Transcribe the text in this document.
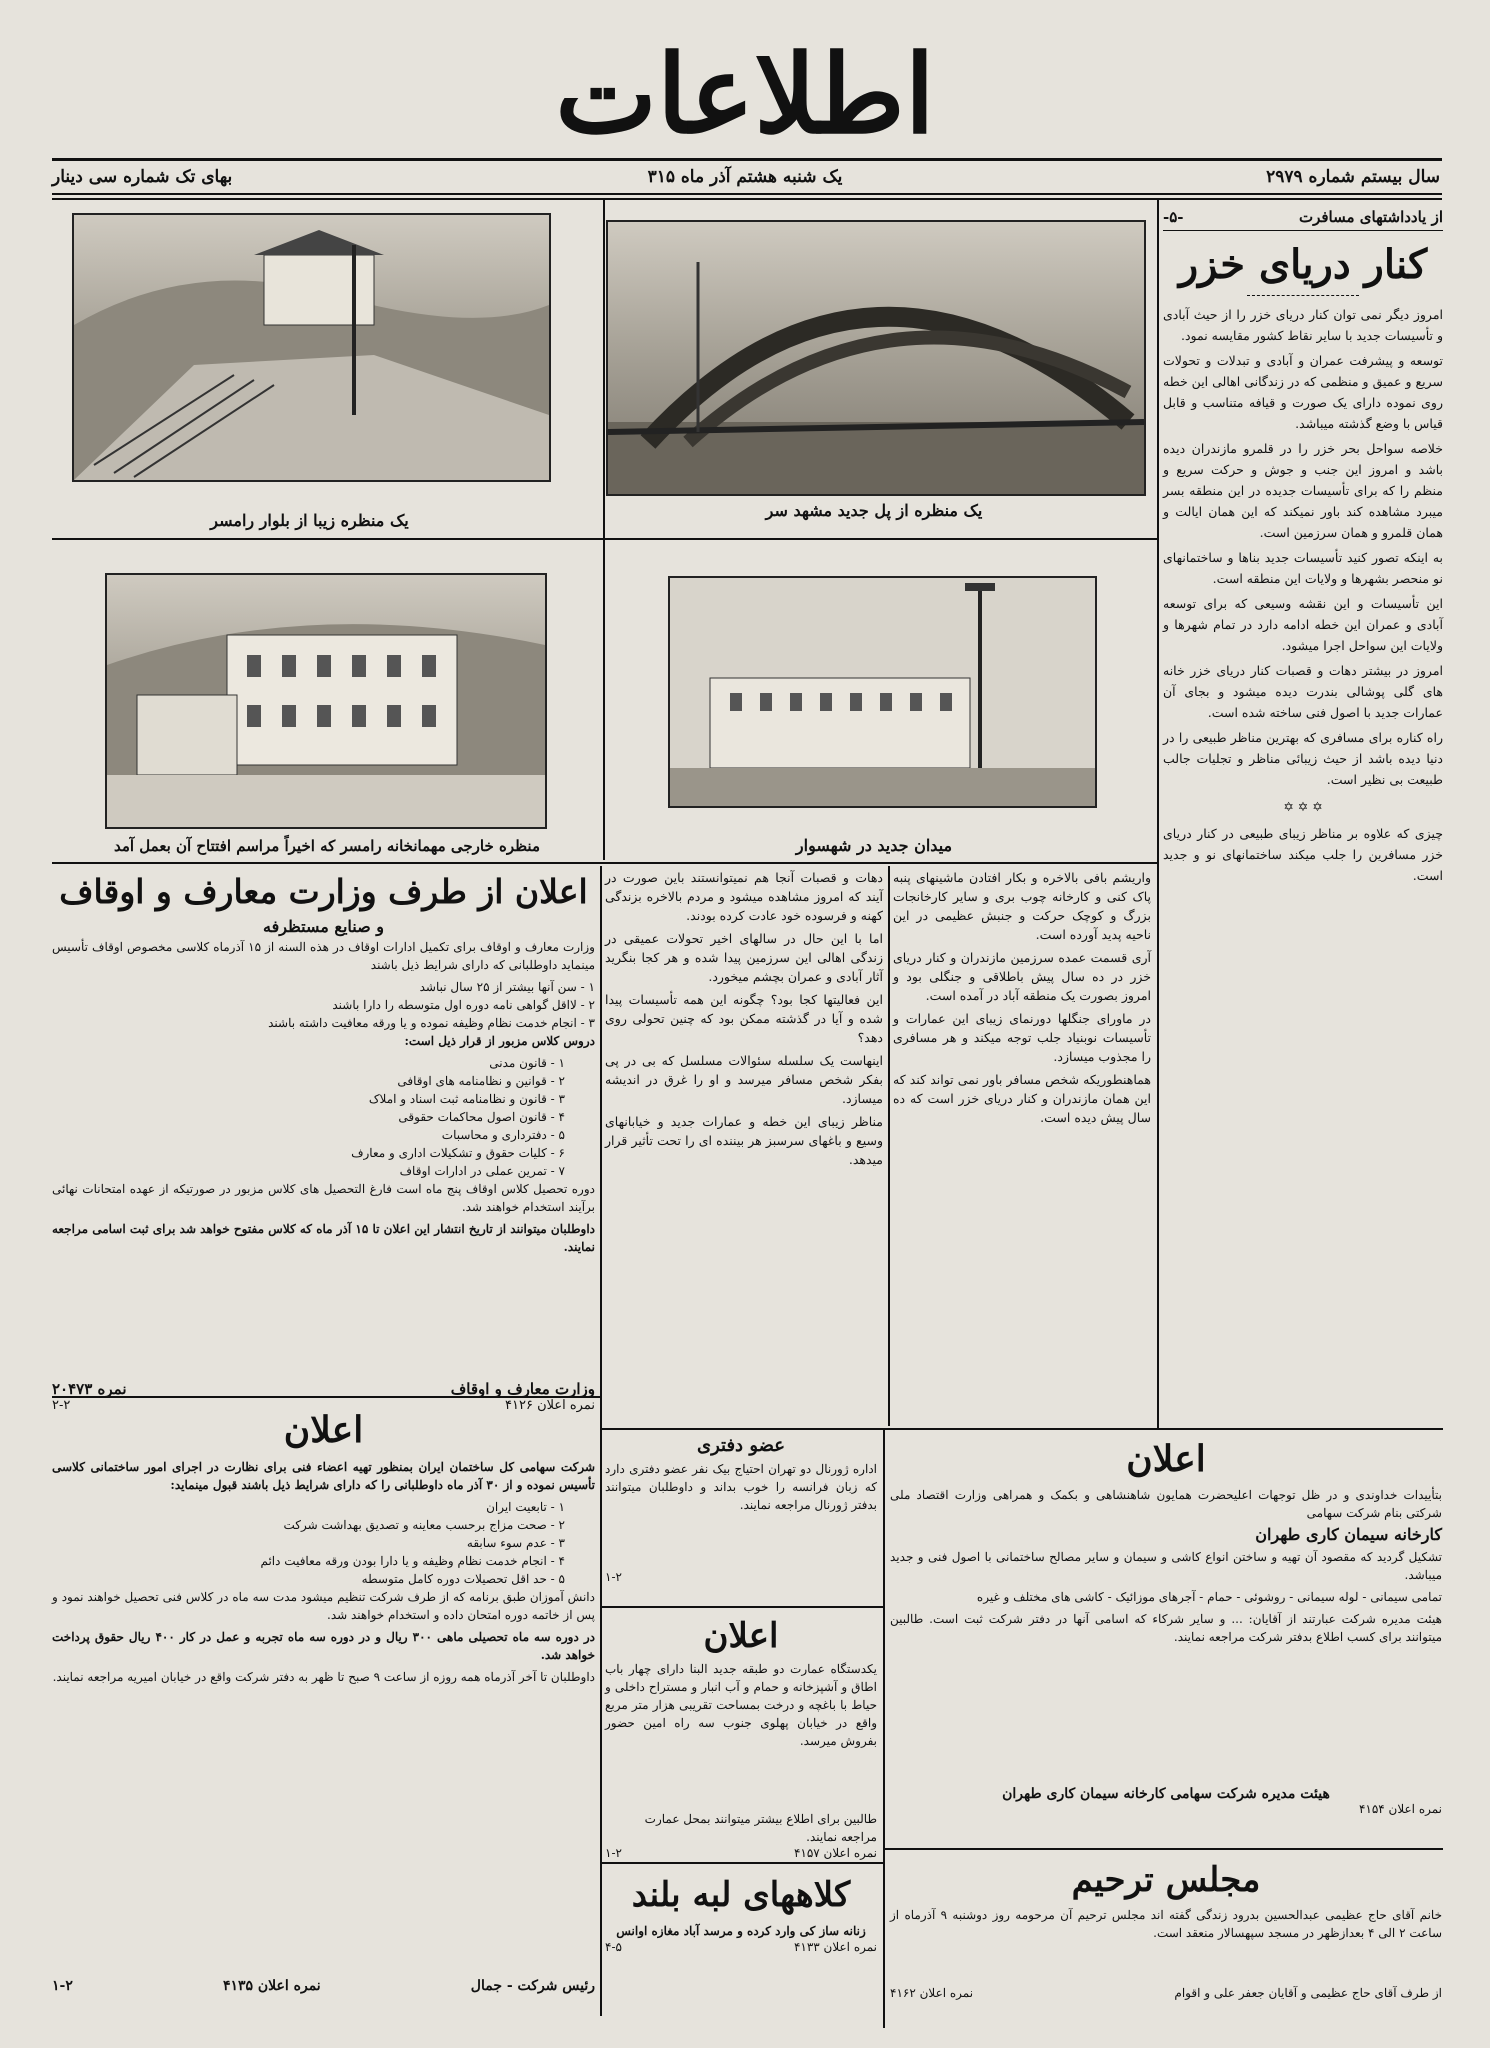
اطلاعات
سال بیستم شماره ۲۹۷۹
یک شنبه هشتم آذر ماه ۳۱۵
بهای تک شماره سی دینار
یک منظره از پل جدید مشهد سر
یک منظره زیبا از بلوار رامسر
میدان جدید در شهسوار
منظره خارجی مهمانخانه رامسر که اخیراً مراسم افتتاح آن بعمل آمد
از یادداشتهای مسافرت
-۵-
کنار دریای خزر

امروز دیگر نمی توان کنار دریای خزر را از حیث آبادی و تأسیسات جدید با سایر نقاط کشور مقایسه نمود.

توسعه و پیشرفت عمران و آبادی و تبدلات و تحولات سریع و عمیق و منظمی که در زندگانی اهالی این خطه روی نموده دارای یک صورت و قیافه متناسب و قابل قیاس با وضع گذشته میباشد.

خلاصه سواحل بحر خزر را در قلمرو مازندران دیده باشد و امروز این جنب و جوش و حرکت سریع و منظم را که برای تأسیسات جدیده در این منطقه بسر میبرد مشاهده کند باور نمیکند که این همان ایالت و همان قلمرو و همان سرزمین است.

به اینکه تصور کنید تأسیسات جدید بناها و ساختمانهای نو منحصر بشهرها و ولایات این منطقه است.

این تأسیسات و این نقشه وسیعی که برای توسعه آبادی و عمران این خطه ادامه دارد در تمام شهرها و ولایات این سواحل اجرا میشود.

امروز در بیشتر دهات و قصبات کنار دریای خزر خانه های گلی پوشالی بندرت دیده میشود و بجای آن عمارات جدید با اصول فنی ساخته شده است.

راه کناره برای مسافری که بهترین مناظر طبیعی را در دنیا دیده باشد از حیث زیبائی مناظر و تجلیات جالب طبیعت بی نظیر است.

✡ ✡ ✡

چیزی که علاوه بر مناظر زیبای طبیعی در کنار دریای خزر مسافرین را جلب میکند ساختمانهای نو و جدید است.

واریشم بافی بالاخره و بکار افتادن ماشینهای پنبه پاک کنی و کارخانه چوب بری و سایر کارخانجات بزرگ و کوچک حرکت و جنبش عظیمی در این ناحیه پدید آورده است.

آری قسمت عمده سرزمین مازندران و کنار دریای خزر در ده سال پیش باطلاقی و جنگلی بود و امروز بصورت یک منطقه آباد در آمده است.

در ماورای جنگلها دورنمای زیبای این عمارات و تأسیسات نوبنیاد جلب توجه میکند و هر مسافری را مجذوب میسازد.

هماهنطوریکه شخص مسافر باور نمی تواند کند که این همان مازندران و کنار دریای خزر است که ده سال پیش دیده است.

دهات و قصبات آنجا هم نمیتوانستند باین صورت در آیند که امروز مشاهده میشود و مردم بالاخره بزندگی کهنه و فرسوده خود عادت کرده بودند.

اما با این حال در سالهای اخیر تحولات عمیقی در زندگی اهالی این سرزمین پیدا شده و هر کجا بنگرید آثار آبادی و عمران بچشم میخورد.

این فعالیتها کجا بود؟ چگونه این همه تأسیسات پیدا شده و آیا در گذشته ممکن بود که چنین تحولی روی دهد؟

اینهاست یک سلسله سئوالات مسلسل که بی در پی بفکر شخص مسافر میرسد و او را غرق در اندیشه میسازد.

مناظر زیبای این خطه و عمارات جدید و خیابانهای وسیع و باغهای سرسبز هر بیننده ای را تحت تأثیر قرار میدهد.

اعلان از طرف وزارت معارف و اوقاف
و صنایع مستظرفه

وزارت معارف و اوقاف برای تکمیل ادارات اوقاف در هذه السنه از ۱۵ آذرماه کلاسی مخصوص اوقاف تأسیس مینماید داوطلبانی که دارای شرایط ذیل باشند

۱ - سن آنها بیشتر از ۲۵ سال نباشد
۲ - لااقل گواهی نامه دوره اول متوسطه را دارا باشند
۳ - انجام خدمت نظام وظیفه نموده و یا ورقه معافیت داشته باشند

دروس کلاس مزبور از قرار ذیل است:

۱ - قانون مدنی
۲ - قوانین و نظامنامه های اوقافی
۳ - قانون و نظامنامه ثبت اسناد و املاک
۴ - قانون اصول محاکمات حقوقی
۵ - دفترداری و محاسبات
۶ - کلیات حقوق و تشکیلات اداری و معارف
۷ - تمرین عملی در ادارات اوقاف

دوره تحصیل کلاس اوقاف پنج ماه است فارغ التحصیل های کلاس مزبور در صورتیکه از عهده امتحانات نهائی برآیند استخدام خواهند شد.

داوطلبان میتوانند از تاریخ انتشار این اعلان تا ۱۵ آذر ماه که کلاس مفتوح خواهد شد برای ثبت اسامی مراجعه نمایند.

وزارت معارف و اوقاف
نمره ۲۰۴۷۳
نمره اعلان ۴۱۲۶
۲-۲
اعلان

شرکت سهامی کل ساختمان ایران بمنظور تهیه اعضاء فنی برای نظارت در اجرای امور ساختمانی کلاسی تأسیس نموده و از ۳۰ آذر ماه داوطلبانی را که دارای شرایط ذیل باشند قبول مینماید:

۱ - تابعیت ایران
۲ - صحت مزاج برحسب معاینه و تصدیق بهداشت شرکت
۳ - عدم سوء سابقه
۴ - انجام خدمت نظام وظیفه و یا دارا بودن ورقه معافیت دائم
۵ - حد اقل تحصیلات دوره کامل متوسطه

دانش آموزان طبق برنامه که از طرف شرکت تنظیم میشود مدت سه ماه در کلاس فنی تحصیل خواهند نمود و پس از خاتمه دوره امتحان داده و استخدام خواهند شد.

در دوره سه ماه تحصیلی ماهی ۳۰۰ ریال و در دوره سه ماه تجربه و عمل در کار ۴۰۰ ریال حقوق پرداخت خواهد شد.

داوطلبان تا آخر آذرماه همه روزه از ساعت ۹ صبح تا ظهر به دفتر شرکت واقع در خیابان امیریه مراجعه نمایند.

رئیس شرکت - جمال
نمره اعلان ۴۱۳۵
۱-۲
عضو دفتری
اداره ژورنال دو تهران احتیاج بیک نفر عضو دفتری دارد که زبان فرانسه را خوب بداند و داوطلبان میتوانند بدفتر ژورنال مراجعه نمایند.
۱-۲
اعلان
یکدستگاه عمارت دو طبقه جدید البنا دارای چهار باب اطاق و آشپزخانه و حمام و آب انبار و مستراح داخلی و حیاط با باغچه و درخت بمساحت تقریبی هزار متر مربع واقع در خیابان پهلوی جنوب سه راه امین حضور بفروش میرسد.
طالبین برای اطلاع بیشتر میتوانند بمحل عمارت مراجعه نمایند.
نمره اعلان ۴۱۵۷
۱-۲
کلاههای لبه بلند
زنانه ساز کی وارد کرده و مرسد آباد مغازه اوانس
نمره اعلان ۴۱۳۳
۴-۵
اعلان

بتأییدات خداوندی و در ظل توجهات اعلیحضرت همایون شاهنشاهی و بکمک و همراهی وزارت اقتصاد ملی شرکتی بنام شرکت سهامی

کارخانه سیمان کاری طهران

تشکیل گردید که مقصود آن تهیه و ساختن انواع کاشی و سیمان و سایر مصالح ساختمانی با اصول فنی و جدید میباشد.

تمامی سیمانی - لوله سیمانی - روشوئی - حمام - آجرهای موزائیک - کاشی های مختلف و غیره

هیئت مدیره شرکت عبارتند از آقایان: ... و سایر شرکاء که اسامی آنها در دفتر شرکت ثبت است. طالبین میتوانند برای کسب اطلاع بدفتر شرکت مراجعه نمایند.

هیئت مدیره شرکت سهامی کارخانه سیمان کاری طهران
نمره اعلان ۴۱۵۴
مجلس ترحیم
خانم آقای حاج عظیمی عبدالحسین بدرود زندگی گفته اند مجلس ترحیم آن مرحومه روز دوشنبه ۹ آذرماه از ساعت ۲ الی ۴ بعدازظهر در مسجد سپهسالار منعقد است.
از طرف آقای حاج عظیمی و آقایان جعفر علی و اقوام
نمره اعلان ۴۱۶۲
